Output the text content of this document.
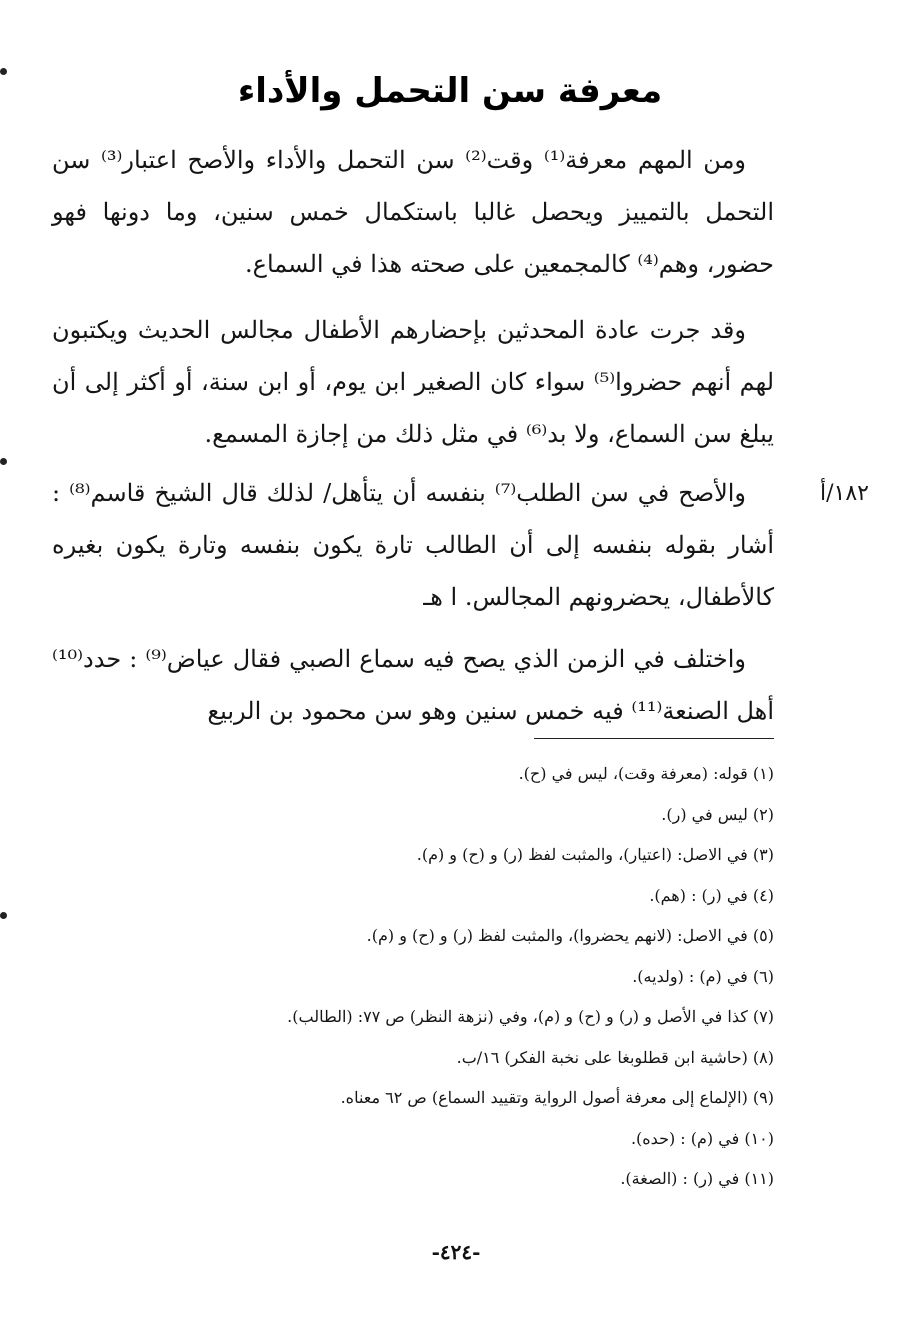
معرفة سن التحمل والأداء

ومن المهم معرفة⁽¹⁾ وقت⁽²⁾ سن التحمل والأداء والأصح اعتبار⁽³⁾ سن التحمل بالتمييز ويحصل غالبا باستكمال خمس سنين، وما دونها فهو حضور، وهم⁽⁴⁾ كالمجمعين على صحته هذا في السماع.

وقد جرت عادة المحدثين بإحضارهم الأطفال مجالس الحديث ويكتبون لهم أنهم حضروا⁽⁵⁾ سواء كان الصغير ابن يوم، أو ابن سنة، أو أكثر إلى أن يبلغ سن السماع، ولا بد⁽⁶⁾ في مثل ذلك من إجازة المسمع.

١٨٢/أ

والأصح في سن الطلب⁽⁷⁾ بنفسه أن يتأهل/ لذلك قال الشيخ قاسم⁽⁸⁾ : أشار بقوله بنفسه إلى أن الطالب تارة يكون بنفسه وتارة يكون بغيره كالأطفال، يحضرونهم المجالس. ا هـ

واختلف في الزمن الذي يصح فيه سماع الصبي فقال عياض⁽⁹⁾ : حدد⁽¹⁰⁾ أهل الصنعة⁽¹¹⁾ فيه خمس سنين وهو سن محمود بن الربيع

(١) قوله: (معرفة وقت)، ليس في (ح).
(٢) ليس في (ر).
(٣) في الاصل: (اعتيار)، والمثبت لفظ (ر) و (ح) و (م).
(٤) في (ر) : (هم).
(٥) في الاصل: (لانهم يحضروا)، والمثبت لفظ (ر) و (ح) و (م).
(٦) في (م) : (ولديه).
(٧) كذا في الأصل و (ر) و (ح) و (م)، وفي (نزهة النظر) ص ٧٧: (الطالب).
(٨) (حاشية ابن قطلوبغا على نخبة الفكر) ١٦/ب.
(٩) (الإلماع إلى معرفة أصول الرواية وتقييد السماع) ص ٦٢ معناه.
(١٠) في (م) : (حده).
(١١) في (ر) : (الصغة).
-٤٢٤-
